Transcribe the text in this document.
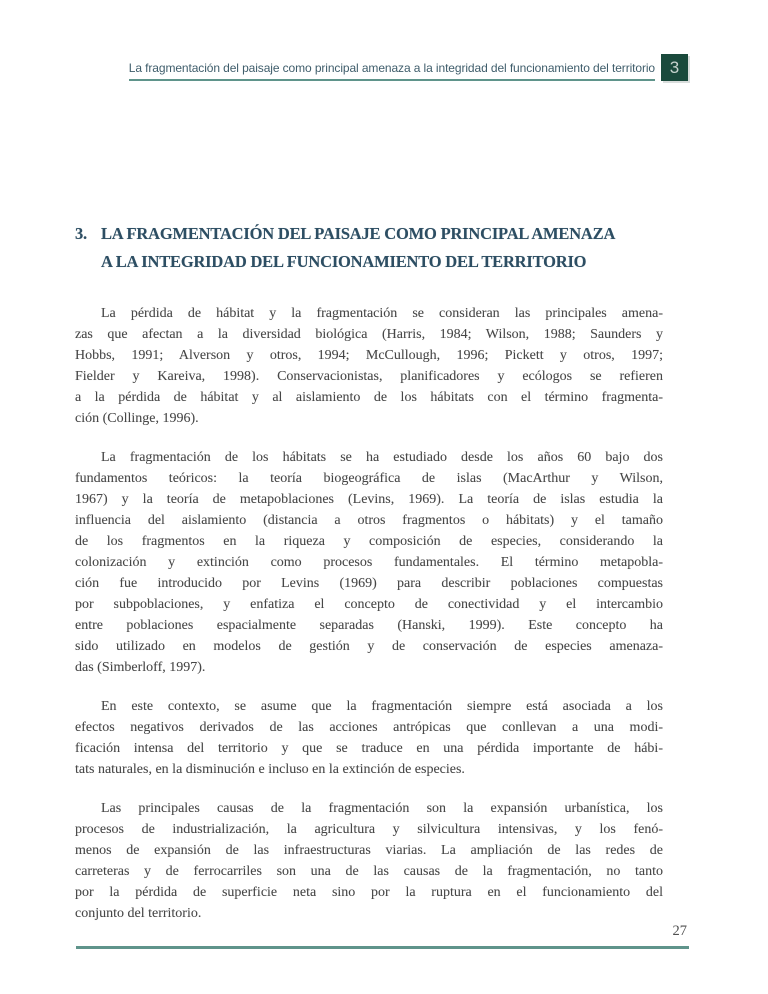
La fragmentación del paisaje como principal amenaza a la integridad del funcionamiento del territorio 3
3. LA FRAGMENTACIÓN DEL PAISAJE COMO PRINCIPAL AMENAZA
A LA INTEGRIDAD DEL FUNCIONAMIENTO DEL TERRITORIO

La pérdida de hábitat y la fragmentación se consideran las principales amena-
zas que afectan a la diversidad biológica (Harris, 1984; Wilson, 1988; Saunders y
Hobbs, 1991; Alverson y otros, 1994; McCullough, 1996; Pickett y otros, 1997;
Fielder y Kareiva, 1998). Conservacionistas, planificadores y ecólogos se refieren
a la pérdida de hábitat y al aislamiento de los hábitats con el término fragmenta-
ción (Collinge, 1996).

La fragmentación de los hábitats se ha estudiado desde los años 60 bajo dos
fundamentos teóricos: la teoría biogeográfica de islas (MacArthur y Wilson,
1967) y la teoría de metapoblaciones (Levins, 1969). La teoría de islas estudia la
influencia del aislamiento (distancia a otros fragmentos o hábitats) y el tamaño
de los fragmentos en la riqueza y composición de especies, considerando la
colonización y extinción como procesos fundamentales. El término metapobla-
ción fue introducido por Levins (1969) para describir poblaciones compuestas
por subpoblaciones, y enfatiza el concepto de conectividad y el intercambio
entre poblaciones espacialmente separadas (Hanski, 1999). Este concepto ha
sido utilizado en modelos de gestión y de conservación de especies amenaza-
das (Simberloff, 1997).

En este contexto, se asume que la fragmentación siempre está asociada a los
efectos negativos derivados de las acciones antrópicas que conllevan a una modi-
ficación intensa del territorio y que se traduce en una pérdida importante de hábi-
tats naturales, en la disminución e incluso en la extinción de especies.

Las principales causas de la fragmentación son la expansión urbanística, los
procesos de industrialización, la agricultura y silvicultura intensivas, y los fenó-
menos de expansión de las infraestructuras viarias. La ampliación de las redes de
carreteras y de ferrocarriles son una de las causas de la fragmentación, no tanto
por la pérdida de superficie neta sino por la ruptura en el funcionamiento del
conjunto del territorio.

27
